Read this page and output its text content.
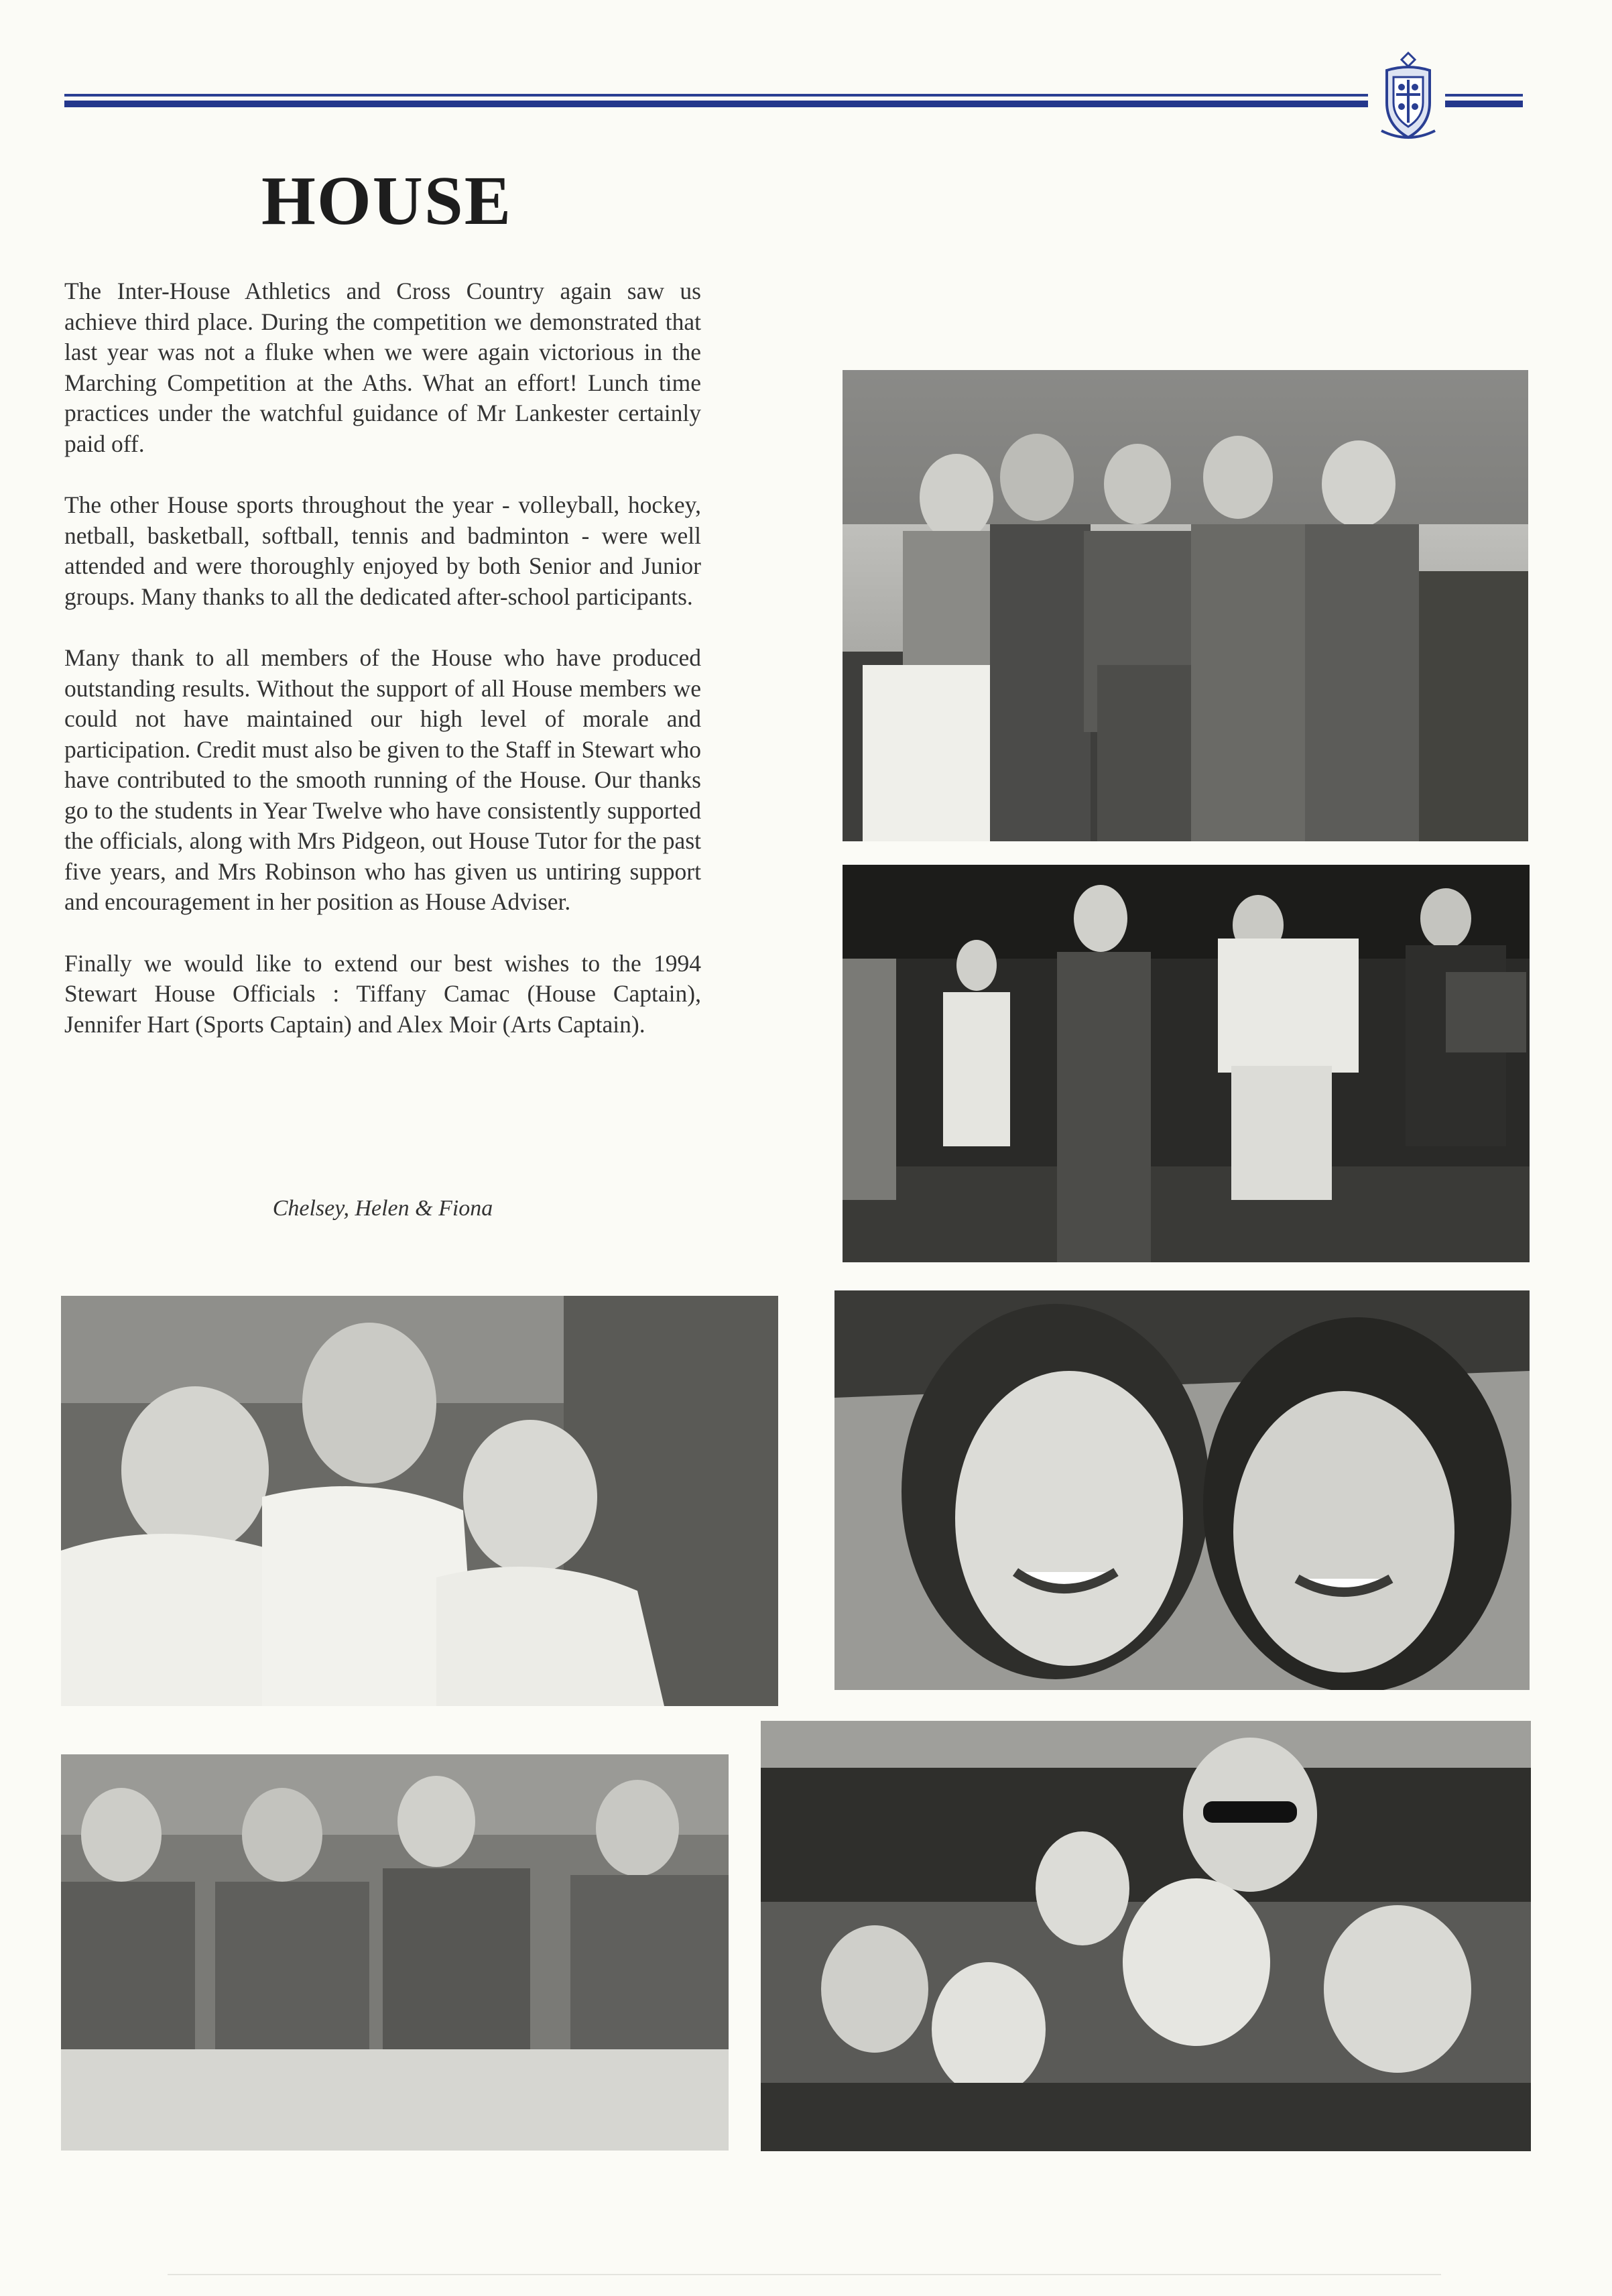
HOUSE

The Inter-House Athletics and Cross Country again saw us achieve third place. During the competition we demonstrated that last year was not a fluke when we were again victorious in the Marching Competition at the Aths. What an effort! Lunch time practices under the watchful guidance of Mr Lankester certainly paid off.

The other House sports throughout the year - volleyball, hockey, netball, basketball, softball, tennis and badminton - were well attended and were thoroughly enjoyed by both Senior and Junior groups. Many thanks to all the dedicated after-school participants.

Many thank to all members of the House who have produced outstanding results. Without the support of all House members we could not have maintained our high level of morale and participation. Credit must also be given to the Staff in Stewart who have contributed to the smooth running of the House. Our thanks go to the students in Year Twelve who have consistently supported the officials, along with Mrs Pidgeon, out House Tutor for the past five years, and Mrs Robinson who has given us untiring support and encouragement in her position as House Adviser.

Finally we would like to extend our best wishes to the 1994 Stewart House Officials : Tiffany Camac (House Captain), Jennifer Hart (Sports Captain) and Alex Moir (Arts Captain).

Chelsey, Helen & Fiona
